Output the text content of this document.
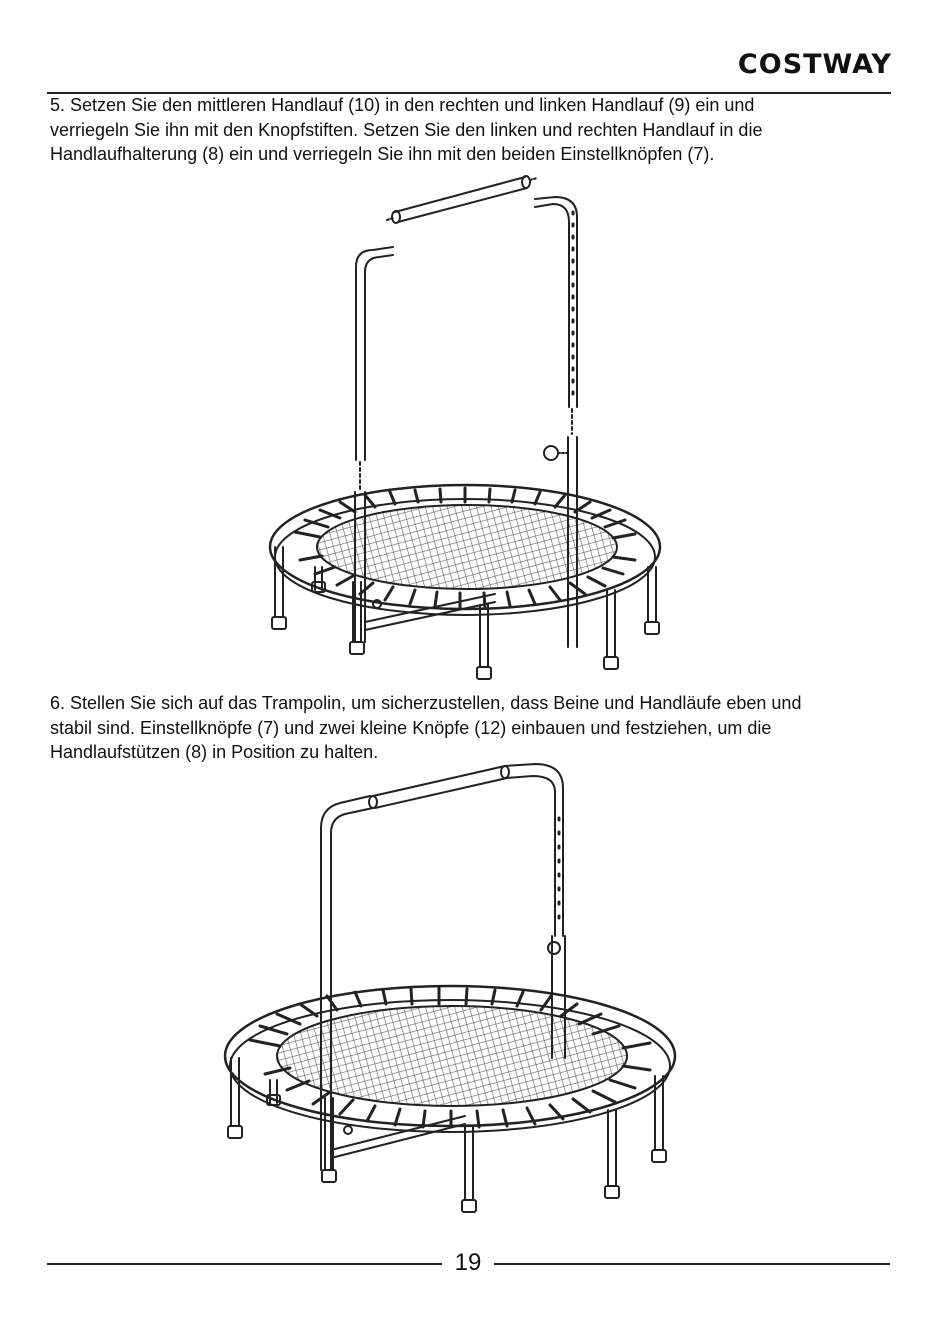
COSTWAY

5. Setzen Sie den mittleren Handlauf (10) in den rechten und linken Handlauf (9) ein und
verriegeln Sie ihn mit den Knopfstiften. Setzen Sie den linken und rechten Handlauf in die
Handlaufhalterung (8) ein und verriegeln Sie ihn mit den beiden Einstellknöpfen (7).

6. Stellen Sie sich auf das Trampolin, um sicherzustellen, dass Beine und Handläufe eben und
stabil sind. Einstellknöpfe (7) und zwei kleine Knöpfe (12) einbauen und festziehen, um die
Handlaufstützen (8) in Position zu halten.

19
